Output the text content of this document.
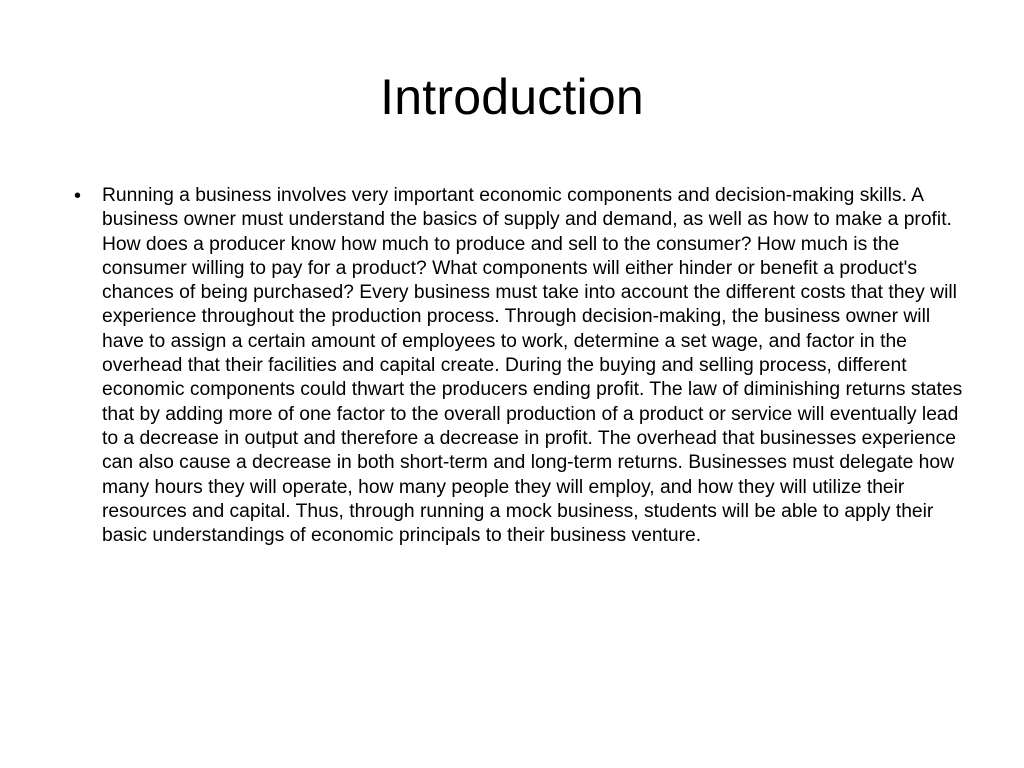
Introduction
•	Running a business involves very important economic components and decision-making skills. A business owner must understand the basics of supply and demand, as well as how to make a profit. How does a producer know how much to produce and sell to the consumer? How much is the consumer willing to pay for a product? What components will either hinder or benefit a product's chances of being purchased? Every business must take into account the different costs that they will experience throughout the production process. Through decision-making, the business owner will have to assign a certain amount of employees to work, determine a set wage, and factor in the overhead that their facilities and capital create. During the buying and selling process, different economic components could thwart the producers ending profit. The law of diminishing returns states that by adding more of one factor to the overall production of a product or service will eventually lead to a decrease in output and therefore a decrease in profit. The overhead that businesses experience can also cause a decrease in both short-term and long-term returns. Businesses must delegate how many hours they will operate, how many people they will employ, and how they will utilize their resources and capital. Thus, through running a mock business, students will be able to apply their basic understandings of economic principals to their business venture.
